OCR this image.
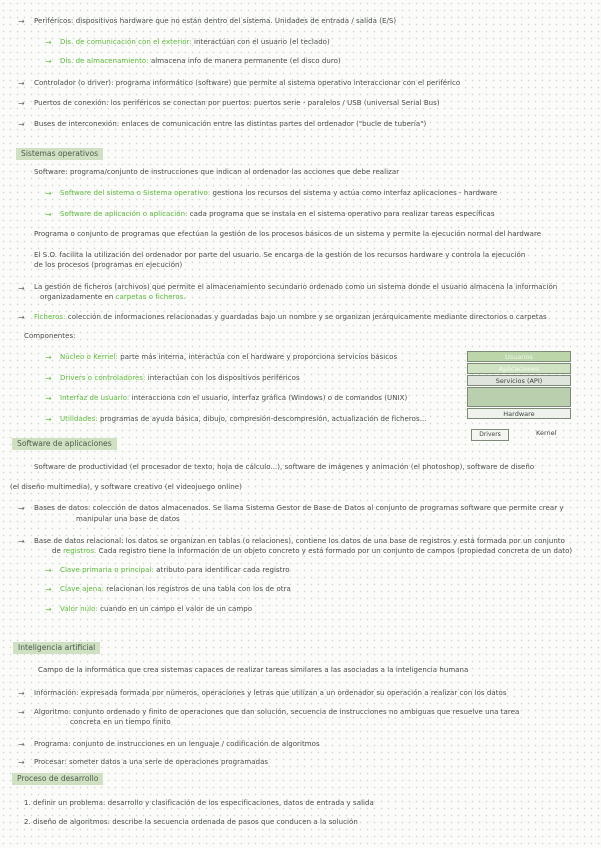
Sistemas operativos
Software de aplicaciones
Inteligencia artificial
Proceso de desarrollo
→
→
→
→
→
→
→
→
→
→
→
→
→
→
→
→
→
→
→
→
→
→
→
Periféricos: dispositivos hardware que no están dentro del sistema. Unidades de entrada / salida (E/S)
Dis. de comunicación con el exterior: interactúan con el usuario (el teclado)
Dis. de almacenamiento: almacena info de manera permanente (el disco duro)
Controlador (o driver): programa informático (software) que permite al sistema operativo interaccionar con el periférico
Puertos de conexión: los periféricos se conectan por puertos: puertos serie - paralelos / USB (universal Serial Bus)
Buses de interconexión: enlaces de comunicación entre las distintas partes del ordenador ("bucle de tubería")
Software: programa/conjunto de instrucciones que indican al ordenador las acciones que debe realizar
Software del sistema o Sistema operativo: gestiona los recursos del sistema y actúa como interfaz aplicaciones - hardware
Software de aplicación o aplicación: cada programa que se instala en el sistema operativo para realizar tareas específicas
Programa o conjunto de programas que efectúan la gestión de los procesos básicos de un sistema y permite la ejecución normal del hardware
El S.O. facilita la utilización del ordenador por parte del usuario. Se encarga de la gestión de los recursos hardware y controla la ejecución
de los procesos (programas en ejecución)
La gestión de ficheros (archivos) que permite el almacenamiento secundario ordenado como un sistema donde el usuario almacena la información
organizadamente en carpetas o ficheros.
Ficheros: colección de informaciones relacionadas y guardadas bajo un nombre y se organizan jerárquicamente mediante directorios o carpetas
Componentes:
Núcleo o Kernel: parte más interna, interactúa con el hardware y proporciona servicios básicos
Drivers o controladores: interactúan con los dispositivos periféricos
Interfaz de usuario: interacciona con el usuario, interfaz gráfica (Windows) o de comandos (UNIX)
Utilidades: programas de ayuda básica, dibujo, compresión-descompresión, actualización de ficheros...
Software de productividad (el procesador de texto, hoja de cálculo...), software de imágenes y animación (el photoshop), software de diseño
(el diseño multimedia), y software creativo (el videojuego online)
Bases de datos: colección de datos almacenados. Se llama Sistema Gestor de Base de Datos al conjunto de programas software que permite crear y
manipular una base de datos
Base de datos relacional: los datos se organizan en tablas (o relaciones), contiene los datos de una base de registros y está formada por un conjunto
de registros. Cada registro tiene la información de un objeto concreto y está formado por un conjunto de campos (propiedad concreta de un dato)
Clave primaria o principal: atributo para identificar cada registro
Clave ajena: relacionan los registros de una tabla con los de otra
Valor nulo: cuando en un campo el valor de un campo
Campo de la informática que crea sistemas capaces de realizar tareas similares a las asociadas a la inteligencia humana
Información: expresada formada por números, operaciones y letras que utilizan a un ordenador su operación a realizar con los datos
Algoritmo: conjunto ordenado y finito de operaciones que dan solución, secuencia de instrucciones no ambiguas que resuelve una tarea
concreta en un tiempo finito
Programa: conjunto de instrucciones en un lenguaje / codificación de algoritmos
Procesar: someter datos a una serie de operaciones programadas
1. definir un problema: desarrollo y clasificación de los especificaciones, datos de entrada y salida
2. diseño de algoritmos: describe la secuencia ordenada de pasos que conducen a la solución
Usuarios
Aplicaciones
Servicios (API)
Drivers	Kernel
Hardware
